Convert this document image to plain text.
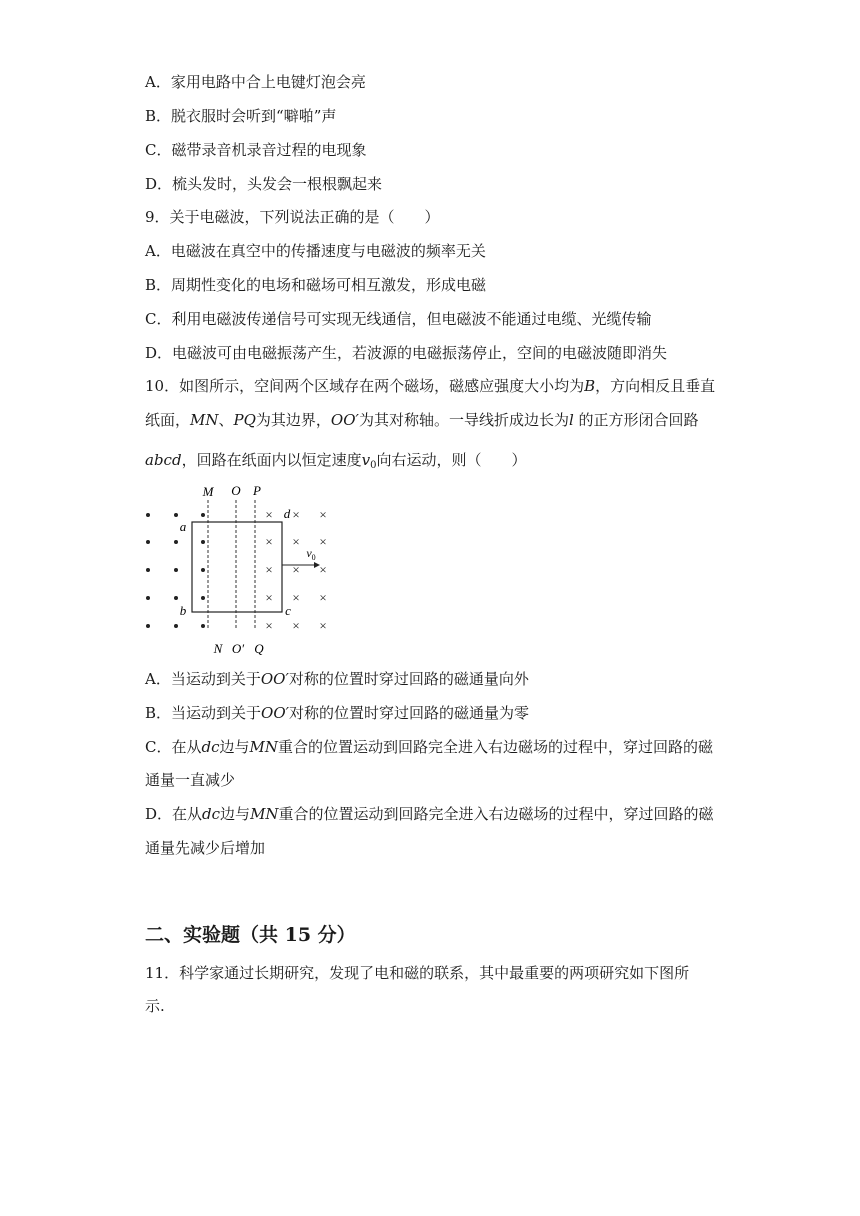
A．家用电路中合上电键灯泡会亮
B．脱衣服时会听到“噼啪”声
C．磁带录音机录音过程的电现象
D．梳头发时，头发会一根根飘起来
9．关于电磁波，下列说法正确的是（　　）
A．电磁波在真空中的传播速度与电磁波的频率无关
B．周期性变化的电场和磁场可相互激发，形成电磁
C．利用电磁波传递信号可实现无线通信，但电磁波不能通过电缆、光缆传输
D．电磁波可由电磁振荡产生，若波源的电磁振荡停止，空间的电磁波随即消失
10．如图所示，空间两个区域存在两个磁场，磁感应强度大小均为B，方向相反且垂直
纸面，MN、PQ为其边界，OO′为其对称轴。一导线折成边长为l 的正方形闭合回路
abcd，回路在纸面内以恒定速度$v_0$向右运动，则（　　）
× × ×
× × ×
× × ×
× × ×
× × ×
M O P
N O′ Q
a
b	c
d
$v_0$
A．当运动到关于OO′对称的位置时穿过回路的磁通量向外
B．当运动到关于OO′对称的位置时穿过回路的磁通量为零
C．在从dc边与MN重合的位置运动到回路完全进入右边磁场的过程中，穿过回路的磁
通量一直减少
D．在从dc边与MN重合的位置运动到回路完全进入右边磁场的过程中，穿过回路的磁
通量先减少后增加
二、实验题（共 15 分）
11．科学家通过长期研究，发现了电和磁的联系，其中最重要的两项研究如下图所
示.
